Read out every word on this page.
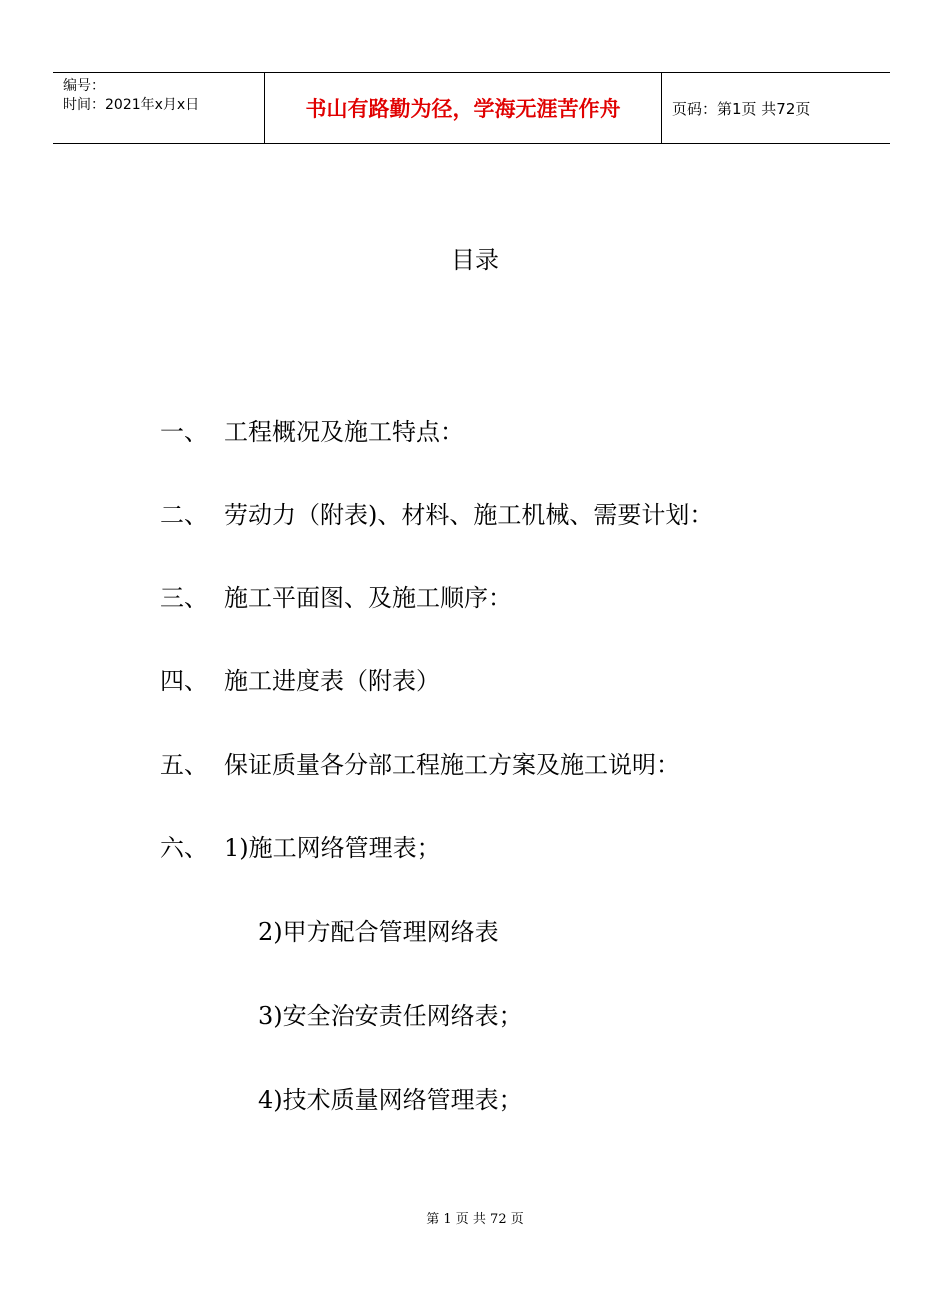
编号：
时间：2021年x月x日	书山有路勤为径，学海无涯苦作舟	页码：第1页 共72页
目录
一、 工程概况及施工特点：
二、 劳动力（附表)、材料、施工机械、需要计划：
三、 施工平面图、及施工顺序：
四、 施工进度表（附表）
五、 保证质量各分部工程施工方案及施工说明：
六、 1)施工网络管理表；
2)甲方配合管理网络表
3)安全治安责任网络表；
4)技术质量网络管理表；
第 1 页 共 72 页
